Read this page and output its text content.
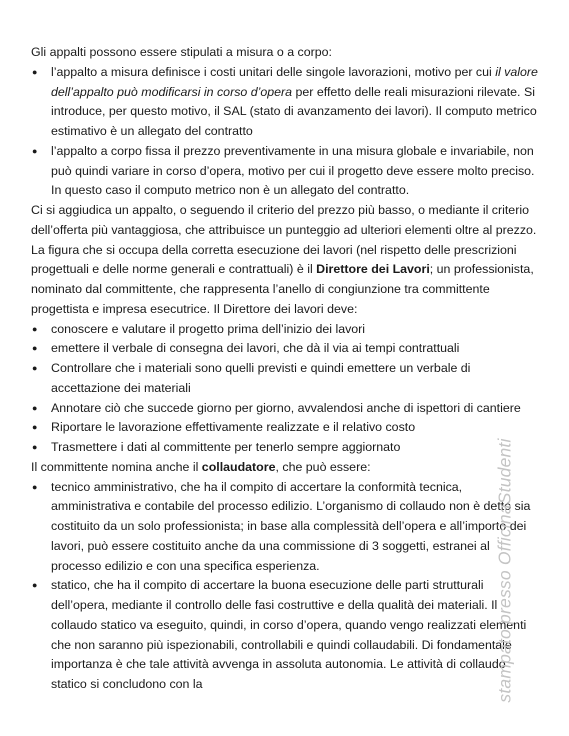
Gli appalti possono essere stipulati a misura o a corpo:

● l’appalto a misura definisce i costi unitari delle singole lavorazioni, motivo per cui il valore dell’appalto può modificarsi in corso d’opera per effetto delle reali misurazioni rilevate. Si introduce, per questo motivo, il SAL (stato di avanzamento dei lavori). Il computo metrico estimativo è un allegato del contratto
● l’appalto a corpo fissa il prezzo preventivamente in una misura globale e invariabile, non può quindi variare in corso d’opera, motivo per cui il progetto deve essere molto preciso. In questo caso il computo metrico non è un allegato del contratto.

Ci si aggiudica un appalto, o seguendo il criterio del prezzo più basso, o mediante il criterio dell’offerta più vantaggiosa, che attribuisce un punteggio ad ulteriori elementi oltre al prezzo.

La figura che si occupa della corretta esecuzione dei lavori (nel rispetto delle prescrizioni progettuali e delle norme generali e contrattuali) è il Direttore dei Lavori; un professionista, nominato dal committente, che rappresenta l’anello di congiunzione tra committente progettista e impresa esecutrice. Il Direttore dei lavori deve:

● conoscere e valutare il progetto prima dell’inizio dei lavori
● emettere il verbale di consegna dei lavori, che dà il via ai tempi contrattuali
● Controllare che i materiali sono quelli previsti e quindi emettere un verbale di accettazione dei materiali
● Annotare ciò che succede giorno per giorno, avvalendosi anche di ispettori di cantiere
● Riportare le lavorazione effettivamente realizzate e il relativo costo
● Trasmettere i dati al committente per tenerlo sempre aggiornato

Il committente nomina anche il collaudatore, che può essere:

● tecnico amministrativo, che ha il compito di accertare la conformità tecnica, amministrativa e contabile del processo edilizio. L’organismo di collaudo non è detto sia costituito da un solo professionista; in base alla complessità dell’opera e all’importo dei lavori, può essere costituito anche da una commissione di 3 soggetti, estranei al processo edilizio e con una specifica esperienza.
● statico, che ha il compito di accertare la buona esecuzione delle parti strutturali dell’opera, mediante il controllo delle fasi costruttive e della qualità dei materiali. Il collaudo statico va eseguito, quindi, in corso d’opera, quando vengo realizzati elementi che non saranno più ispezionabili, controllabili e quindi collaudabili. Di fondamentale importanza è che tale attività avvenga in assoluta autonomia. Le attività di collaudo statico si concludono con la	stampato presso OfficinaStudenti
